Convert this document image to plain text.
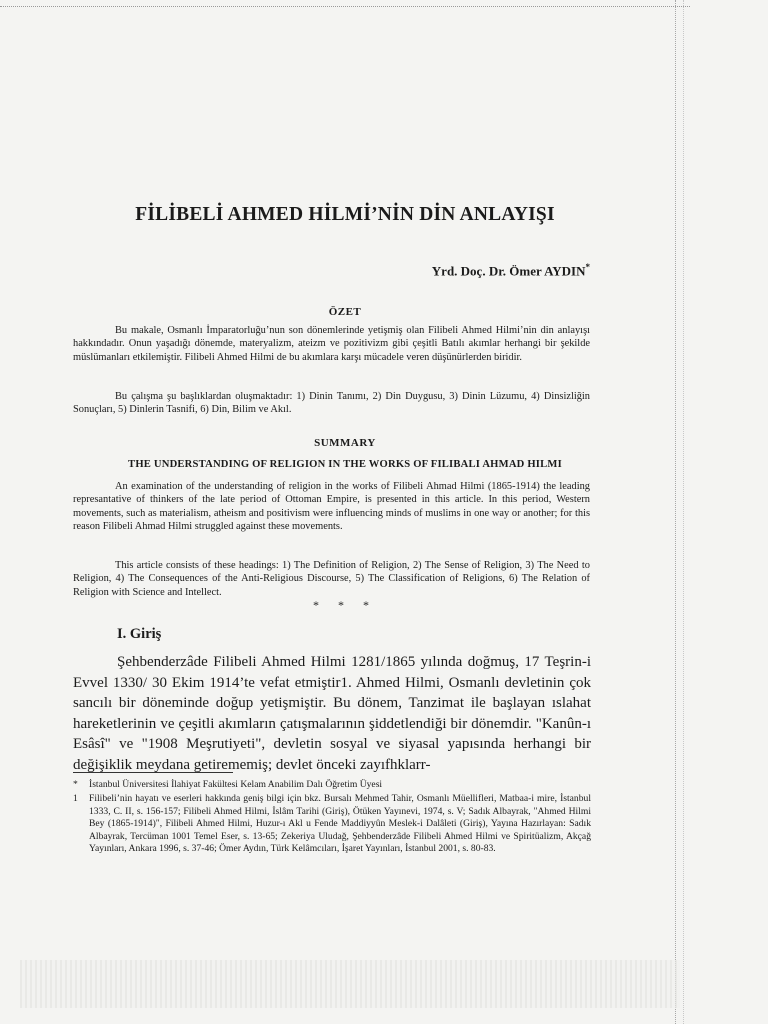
FİLİBELİ AHMED HİLMİ’NİN DİN ANLAYIŞI
Yrd. Doç. Dr. Ömer AYDIN*
ÖZET
Bu makale, Osmanlı İmparatorluğu’nun son dönemlerinde yetişmiş olan Filibeli Ahmed Hilmi’nin din anlayışı hakkındadır. Onun yaşadığı dönemde, materyalizm, ateizm ve pozitivizm gibi çeşitli Batılı akımlar herhangi bir şekilde müslümanları etkilemiştir. Filibeli Ahmed Hilmi de bu akımlara karşı mücadele veren düşünürlerden biridir.
Bu çalışma şu başlıklardan oluşmaktadır: 1) Dinin Tanımı, 2) Din Duygusu, 3) Dinin Lüzumu, 4) Dinsizliğin Sonuçları, 5) Dinlerin Tasnifi, 6) Din, Bilim ve Akıl.
SUMMARY
THE UNDERSTANDING OF RELIGION IN THE WORKS OF FILIBALI AHMAD HILMI
An examination of the understanding of religion in the works of Filibeli Ahmad Hilmi (1865-1914) the leading represantative of thinkers of the late period of Ottoman Empire, is presented in this article. In this period, Western movements, such as materialism, atheism and positivism were influencing minds of muslims in one way or another; for this reason Filibeli Ahmad Hilmi struggled against these movements.
This article consists of these headings: 1) The Definition of Religion, 2) The Sense of Religion, 3) The Need to Religion, 4) The Consequences of the Anti-Religious Discourse, 5) The Classification of Religions, 6) The Relation of Religion with Science and Intellect.
* * *
I. Giriş
Şehbenderzâde Filibeli Ahmed Hilmi 1281/1865 yılında doğmuş, 17 Teşrin-i Evvel 1330/ 30 Ekim 1914’te vefat etmiştir1. Ahmed Hilmi, Osmanlı devletinin çok sancılı bir döneminde doğup yetişmiştir. Bu dönem, Tanzimat ile başlayan ıslahat hareketlerinin ve çeşitli akımların çatışmalarının şiddetlendiği bir dönemdir. "Kanûn-ı Esâsî" ve "1908 Meşrutiyeti", devletin sosyal ve siyasal yapısında herhangi bir değişiklik meydana getirememiş; devlet önceki zayıfhklarr-
* İstanbul Üniversitesi İlahiyat Fakültesi Kelam Anabilim Dalı Öğretim Üyesi
1 Filibeli’nin hayatı ve eserleri hakkında geniş bilgi için bkz. Bursalı Mehmed Tahir, Osmanlı Müellifleri, Matbaa-i mire, İstanbul 1333, C. II, s. 156-157; Filibeli Ahmed Hilmi, İslâm Tarihi (Giriş), Ötüken Yayınevi, 1974, s. V; Sadık Albayrak, "Ahmed Hilmi Bey (1865-1914)", Filibeli Ahmed Hilmi, Huzur-ı Akl u Fende Maddiyyûn Meslek-i Dalâleti (Giriş), Yayına Hazırlayan: Sadık Albayrak, Tercüman 1001 Temel Eser, s. 13-65; Zekeriya Uludağ, Şehbenderzâde Filibeli Ahmed Hilmi ve Spiritüalizm, Akçağ Yayınları, Ankara 1996, s. 37-46; Ömer Aydın, Türk Kelâmcıları, İşaret Yayınları, İstanbul 2001, s. 80-83.
